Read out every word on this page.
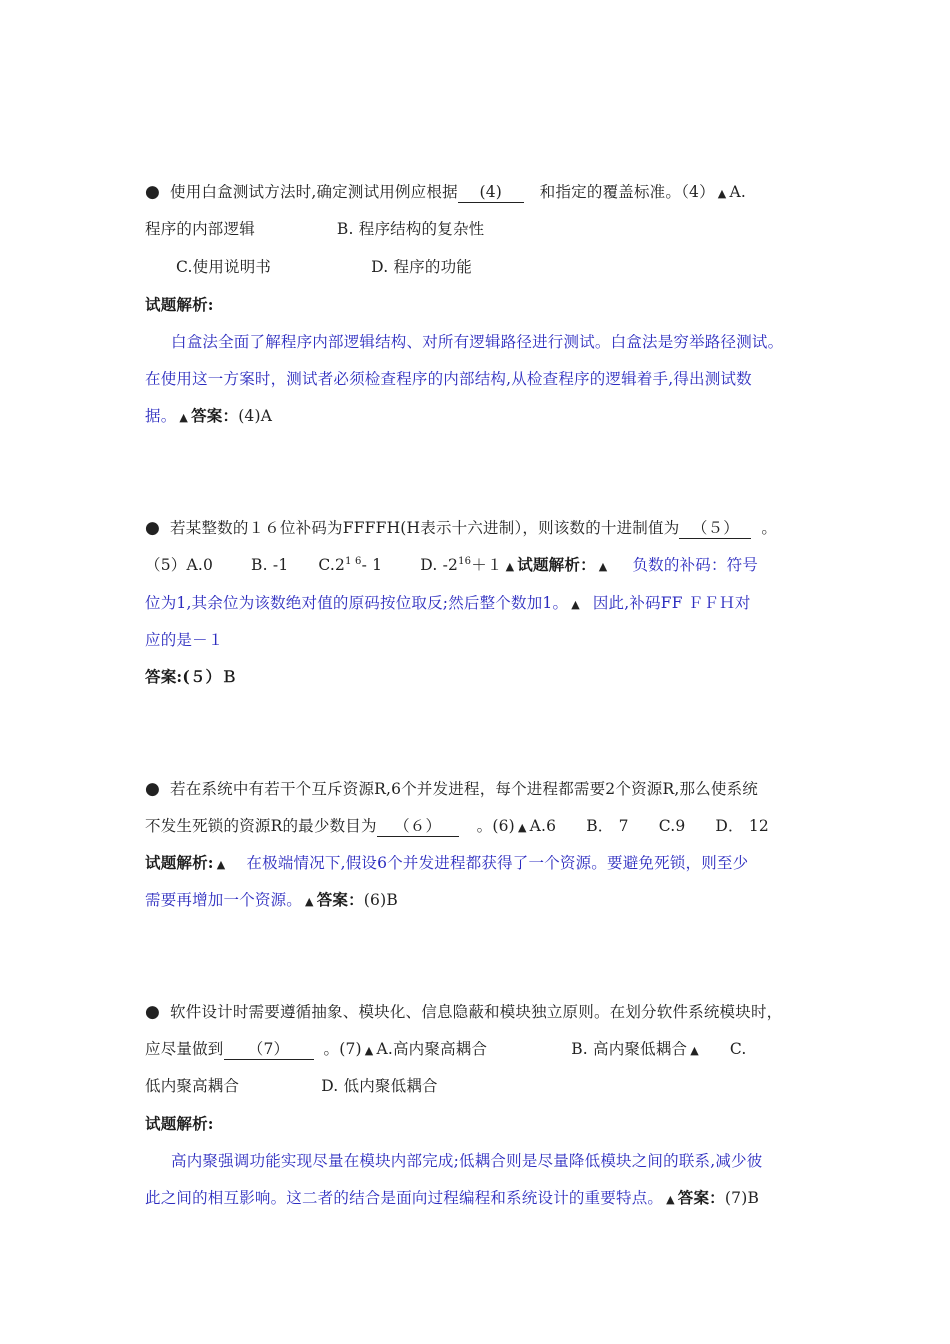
● 使用白盒测试方法时,确定测试用例应根据 (4) 和指定的覆盖标准。（4） ▲ A.
程序的内部逻辑	B. 程序结构的复杂性
C.使用说明书	D. 程序的功能
试题解析:
白盒法全面了解程序内部逻辑结构、对所有逻辑路径进行测试。白盒法是穷举路径测试。
在使用这一方案时，测试者必须检查程序的内部结构,从检查程序的逻辑着手,得出测试数
据。 ▲ 答案：(4)A
● 若某整数的１６位补码为FFFFH(H表示十六进制），则该数的十进制值为 （５） 。
（5）A.0 B. -1 $C.2^{1 6}-$ 1 D. $-2^{16}+1$ ▲ 试题解析： ▲ 负数的补码：符号
位为1,其余位为该数绝对值的原码按位取反;然后整个数加1。 ▲ 因此,补码FF ＦＦＨ对
应的是－１
答案:(５）Ｂ
● 若在系统中有若干个互斥资源R,6个并发进程，每个进程都需要2个资源R,那么使系统
不发生死锁的资源R的最少数目为 （６） 。(6) ▲ A.6 B． 7 C.9 D． 12
试题解析: ▲ 在极端情况下,假设6个并发进程都获得了一个资源。要避免死锁，则至少
需要再增加一个资源。 ▲ 答案：(6)B
● 软件设计时需要遵循抽象、模块化、信息隐蔽和模块独立原则。在划分软件系统模块时，
应尽量做到 （7） 。(7) ▲ A.高内聚高耦合	B. 高内聚低耦合 ▲ C.
低内聚高耦合	D. 低内聚低耦合
试题解析:
高内聚强调功能实现尽量在模块内部完成;低耦合则是尽量降低模块之间的联系,减少彼
此之间的相互影响。这二者的结合是面向过程编程和系统设计的重要特点。 ▲ 答案：(7)B
